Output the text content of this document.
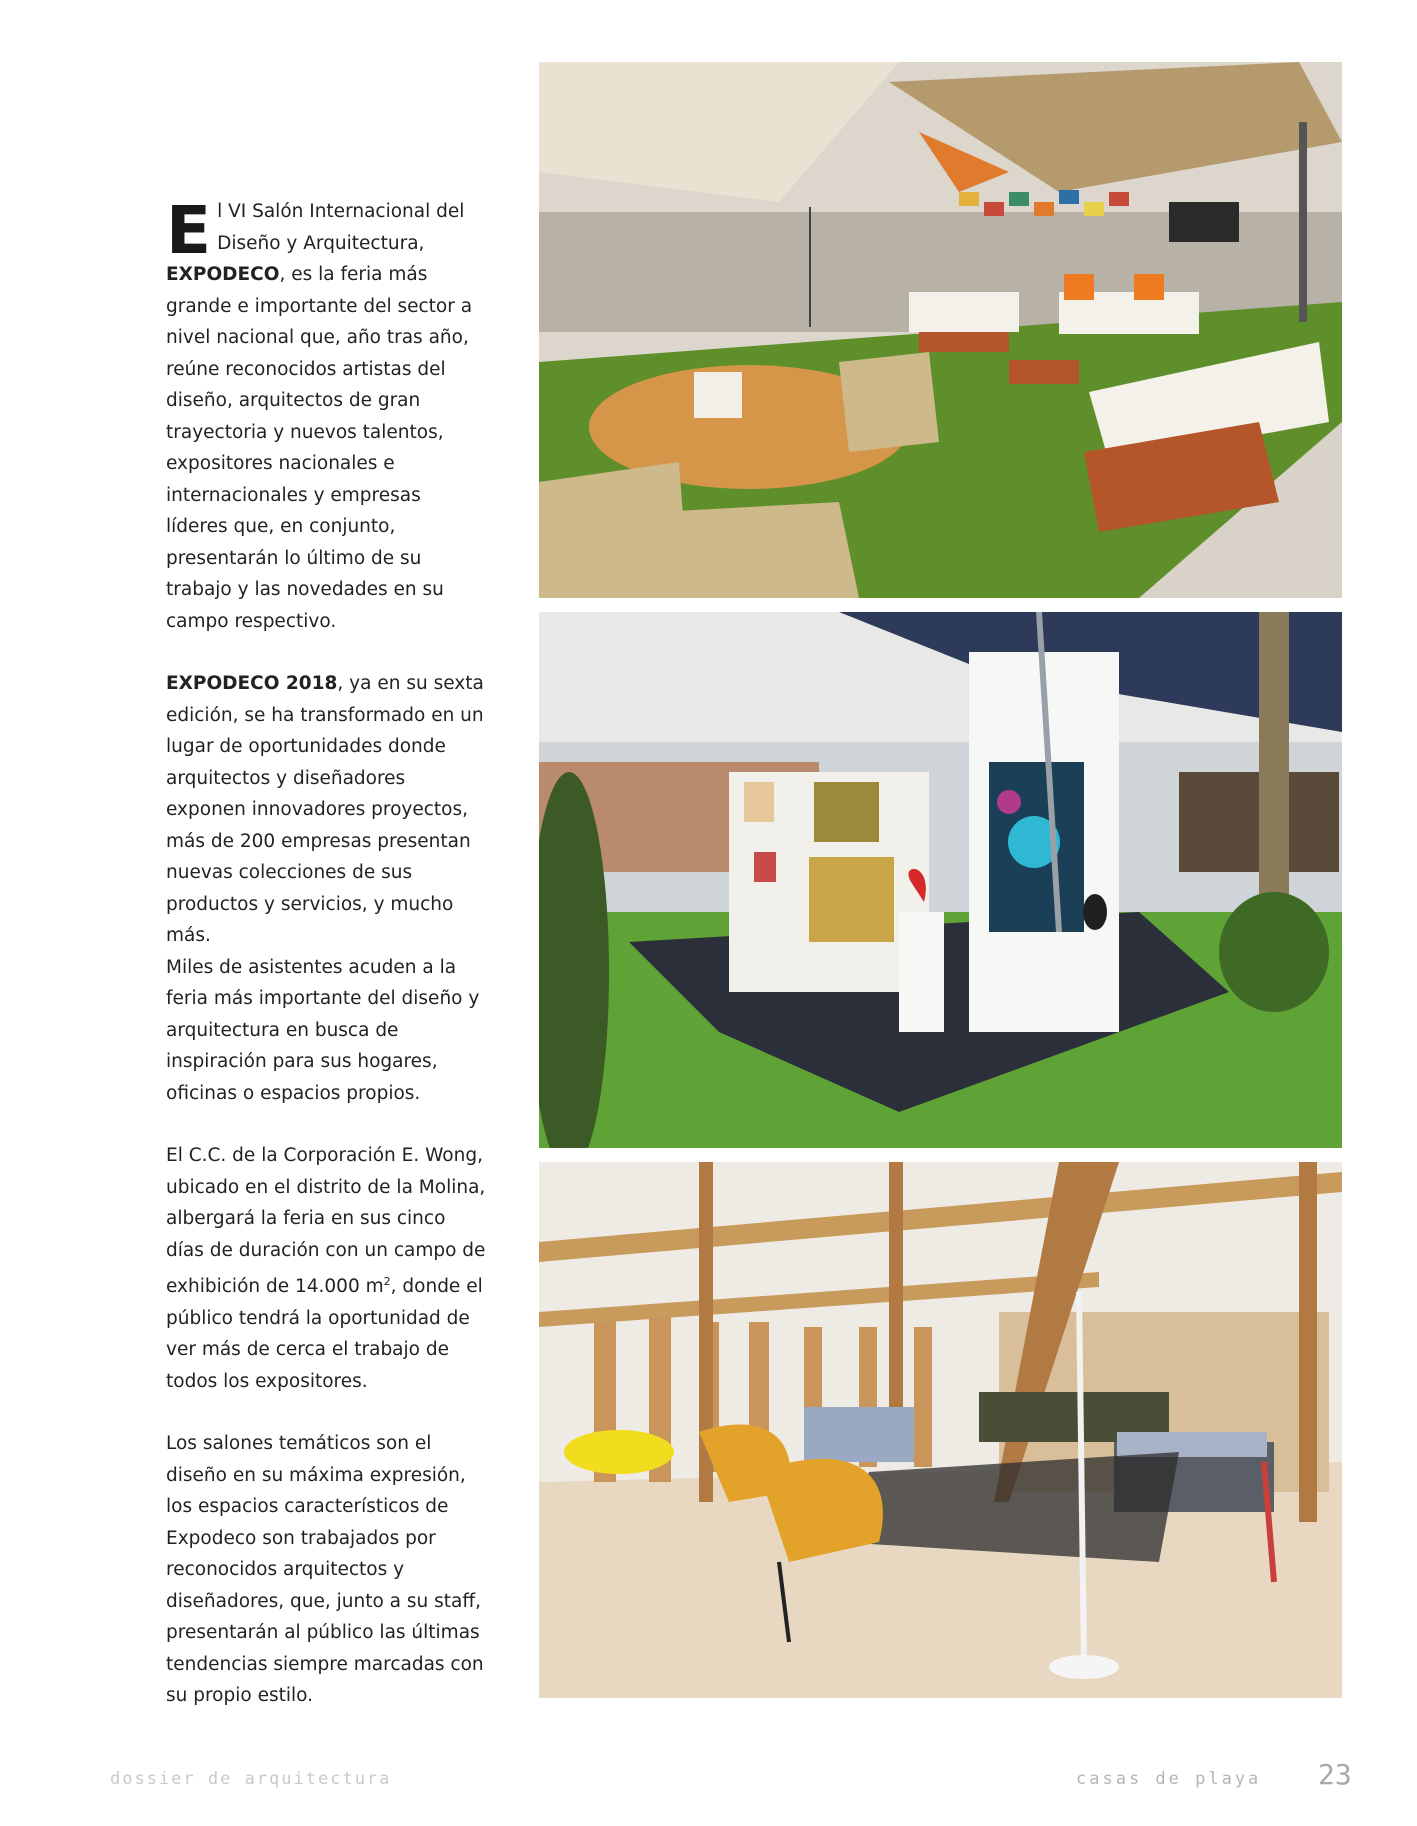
El VI Salón Internacional del Diseño y Arquitectura, EXPODECO, es la feria más grande e importante del sector a nivel nacional que, año tras año, reúne reconocidos artistas del diseño, arquitectos de gran trayectoria y nuevos talentos, expositores nacionales e internacionales y empresas líderes que, en conjunto, presentarán lo último de su trabajo y las novedades en su campo respectivo.

EXPODECO 2018, ya en su sexta edición, se ha transformado en un lugar de oportunidades donde arquitectos y diseñadores exponen innovadores proyectos, más de 200 empresas presentan nuevas colecciones de sus productos y servicios, y mucho más.

Miles de asistentes acuden a la feria más importante del diseño y arquitectura en busca de inspiración para sus hogares, oficinas o espacios propios.

El C.C. de la Corporación E. Wong, ubicado en el distrito de la Molina, albergará la feria en sus cinco días de duración con un campo de exhibición de 14.000 $m^2$, donde el público tendrá la oportunidad de ver más de cerca el trabajo de todos los expositores.

Los salones temáticos son el diseño en su máxima expresión, los espacios característicos de Expodeco son trabajados por reconocidos arquitectos y diseñadores, que, junto a su staff, presentarán al público las últimas tendencias siempre marcadas con su propio estilo.

dossier de arquitectura	casas de playa 23
